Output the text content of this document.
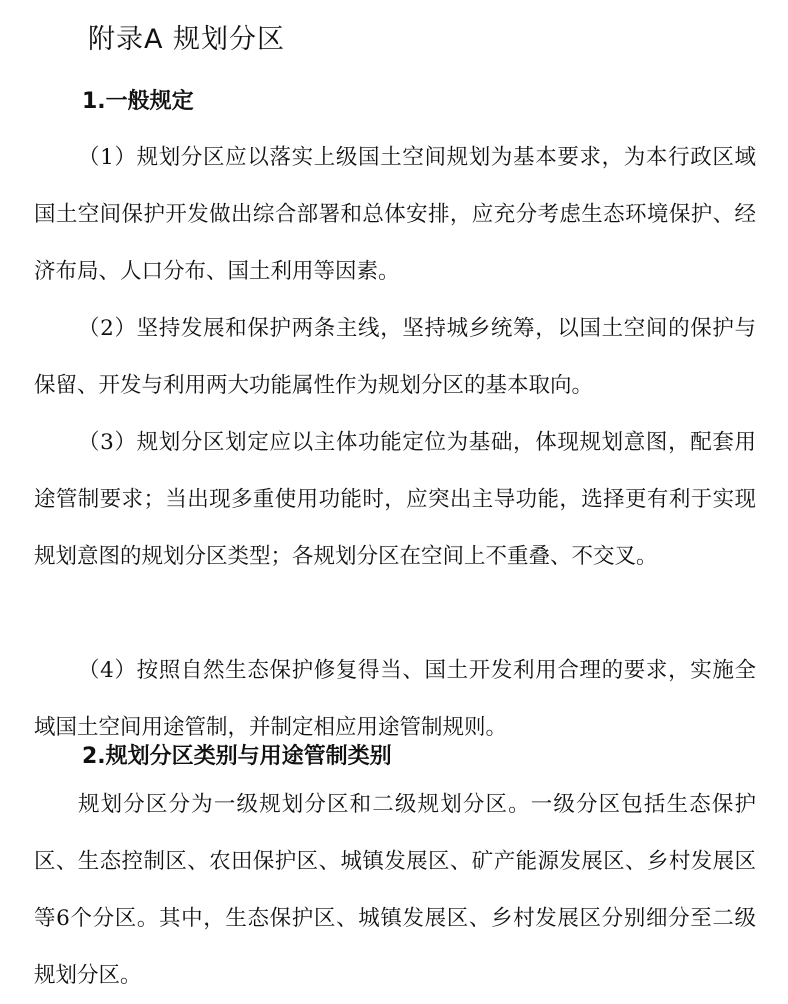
附录A 规划分区
1.一般规定

（1）规划分区应以落实上级国土空间规划为基本要求，为本行政区域国土空间保护开发做出综合部署和总体安排，应充分考虑生态环境保护、经济布局、人口分布、国土利用等因素。

（2）坚持发展和保护两条主线，坚持城乡统筹，以国土空间的保护与保留、开发与利用两大功能属性作为规划分区的基本取向。

（3）规划分区划定应以主体功能定位为基础，体现规划意图，配套用途管制要求；当出现多重使用功能时，应突出主导功能，选择更有利于实现规划意图的规划分区类型；各规划分区在空间上不重叠、不交叉。

（4）按照自然生态保护修复得当、国土开发利用合理的要求，实施全域国土空间用途管制，并制定相应用途管制规则。

2.规划分区类别与用途管制类别

规划分区分为一级规划分区和二级规划分区。一级分区包括生态保护区、生态控制区、农田保护区、城镇发展区、矿产能源发展区、乡村发展区等6个分区。其中，生态保护区、城镇发展区、乡村发展区分别细分至二级规划分区。
